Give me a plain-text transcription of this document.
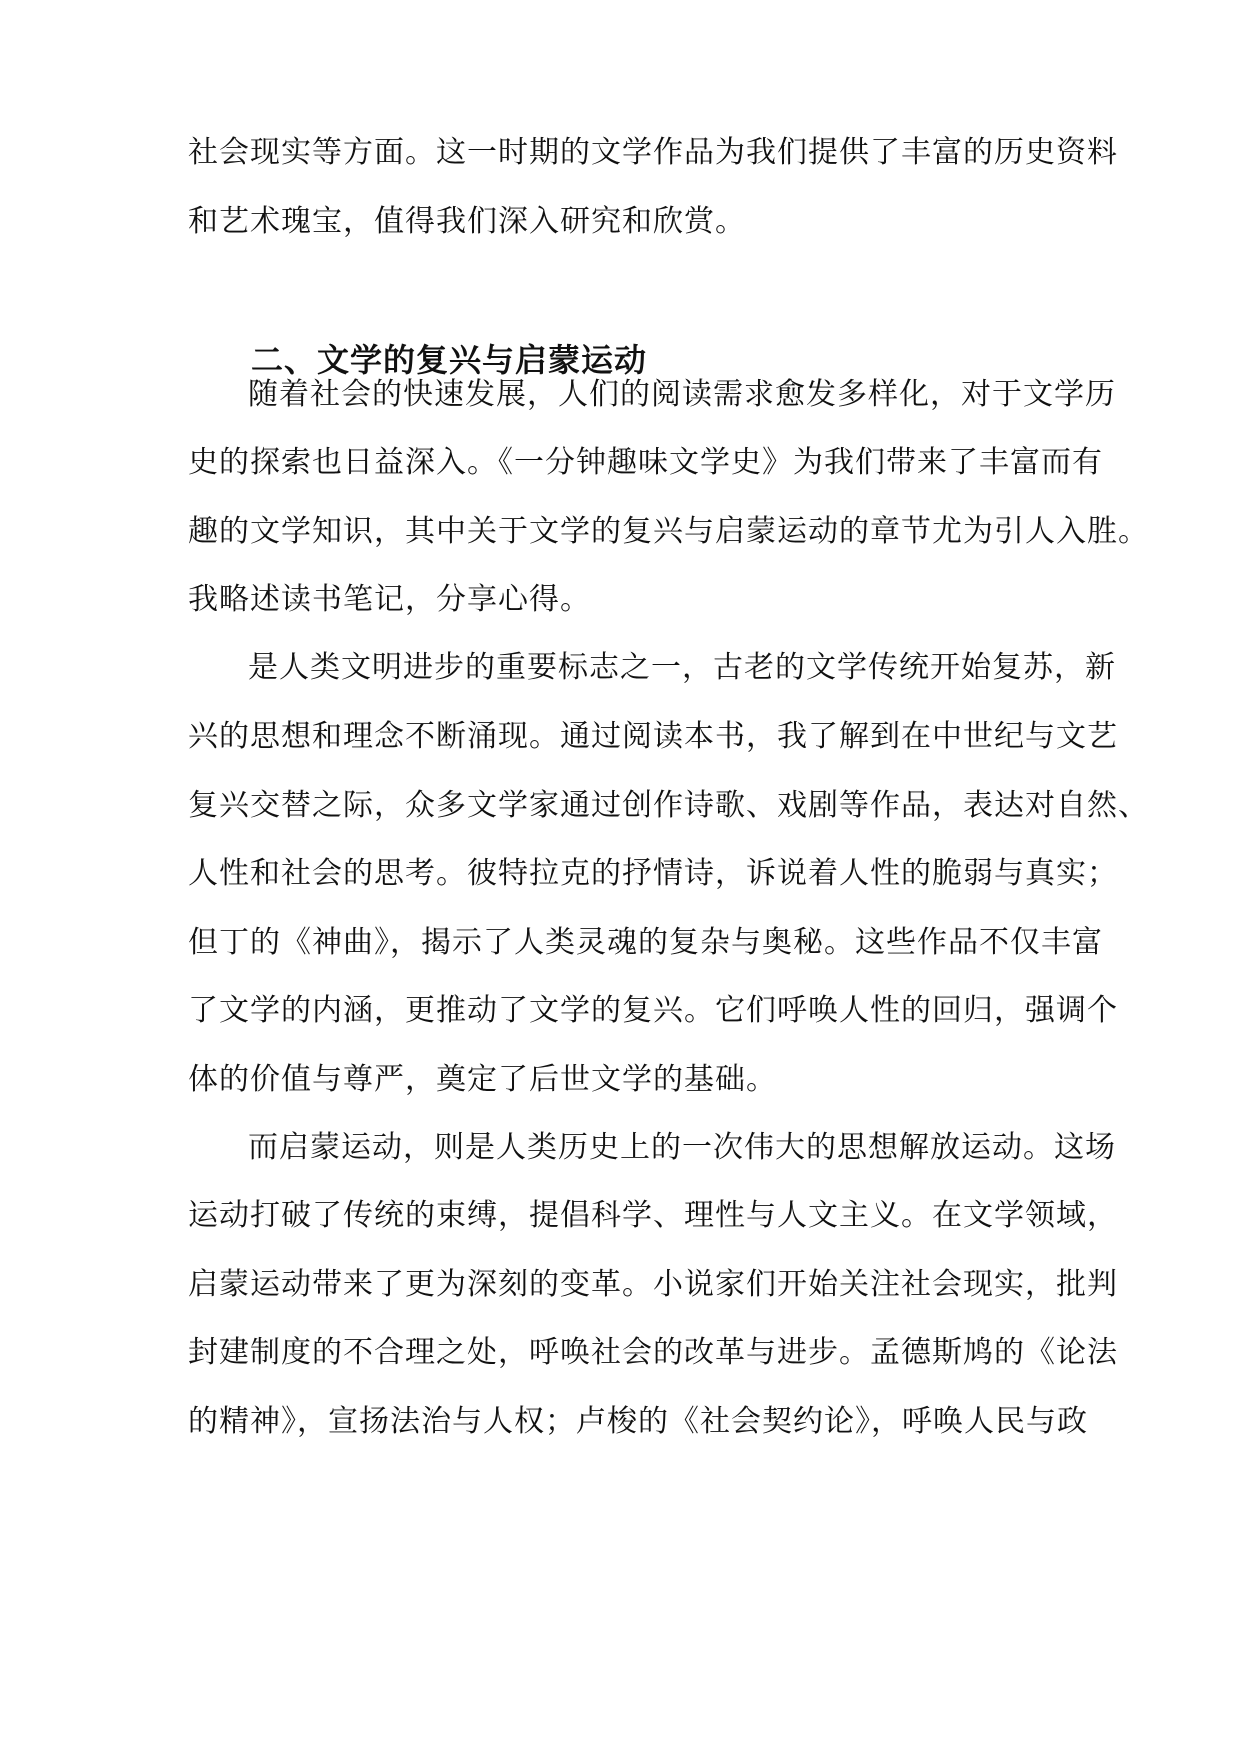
社会现实等方面。这一时期的文学作品为我们提供了丰富的历史资料

和艺术瑰宝，值得我们深入研究和欣赏。

二、文学的复兴与启蒙运动

随着社会的快速发展，人们的阅读需求愈发多样化，对于文学历

史的探索也日益深入。《一分钟趣味文学史》为我们带来了丰富而有

趣的文学知识，其中关于文学的复兴与启蒙运动的章节尤为引人入胜。

我略述读书笔记，分享心得。

是人类文明进步的重要标志之一，古老的文学传统开始复苏，新

兴的思想和理念不断涌现。通过阅读本书，我了解到在中世纪与文艺

复兴交替之际，众多文学家通过创作诗歌、戏剧等作品，表达对自然、

人性和社会的思考。彼特拉克的抒情诗，诉说着人性的脆弱与真实；

但丁的《神曲》，揭示了人类灵魂的复杂与奥秘。这些作品不仅丰富

了文学的内涵，更推动了文学的复兴。它们呼唤人性的回归，强调个

体的价值与尊严，奠定了后世文学的基础。

而启蒙运动，则是人类历史上的一次伟大的思想解放运动。这场

运动打破了传统的束缚，提倡科学、理性与人文主义。在文学领域，

启蒙运动带来了更为深刻的变革。小说家们开始关注社会现实，批判

封建制度的不合理之处，呼唤社会的改革与进步。孟德斯鸠的《论法

的精神》，宣扬法治与人权；卢梭的《社会契约论》，呼唤人民与政
